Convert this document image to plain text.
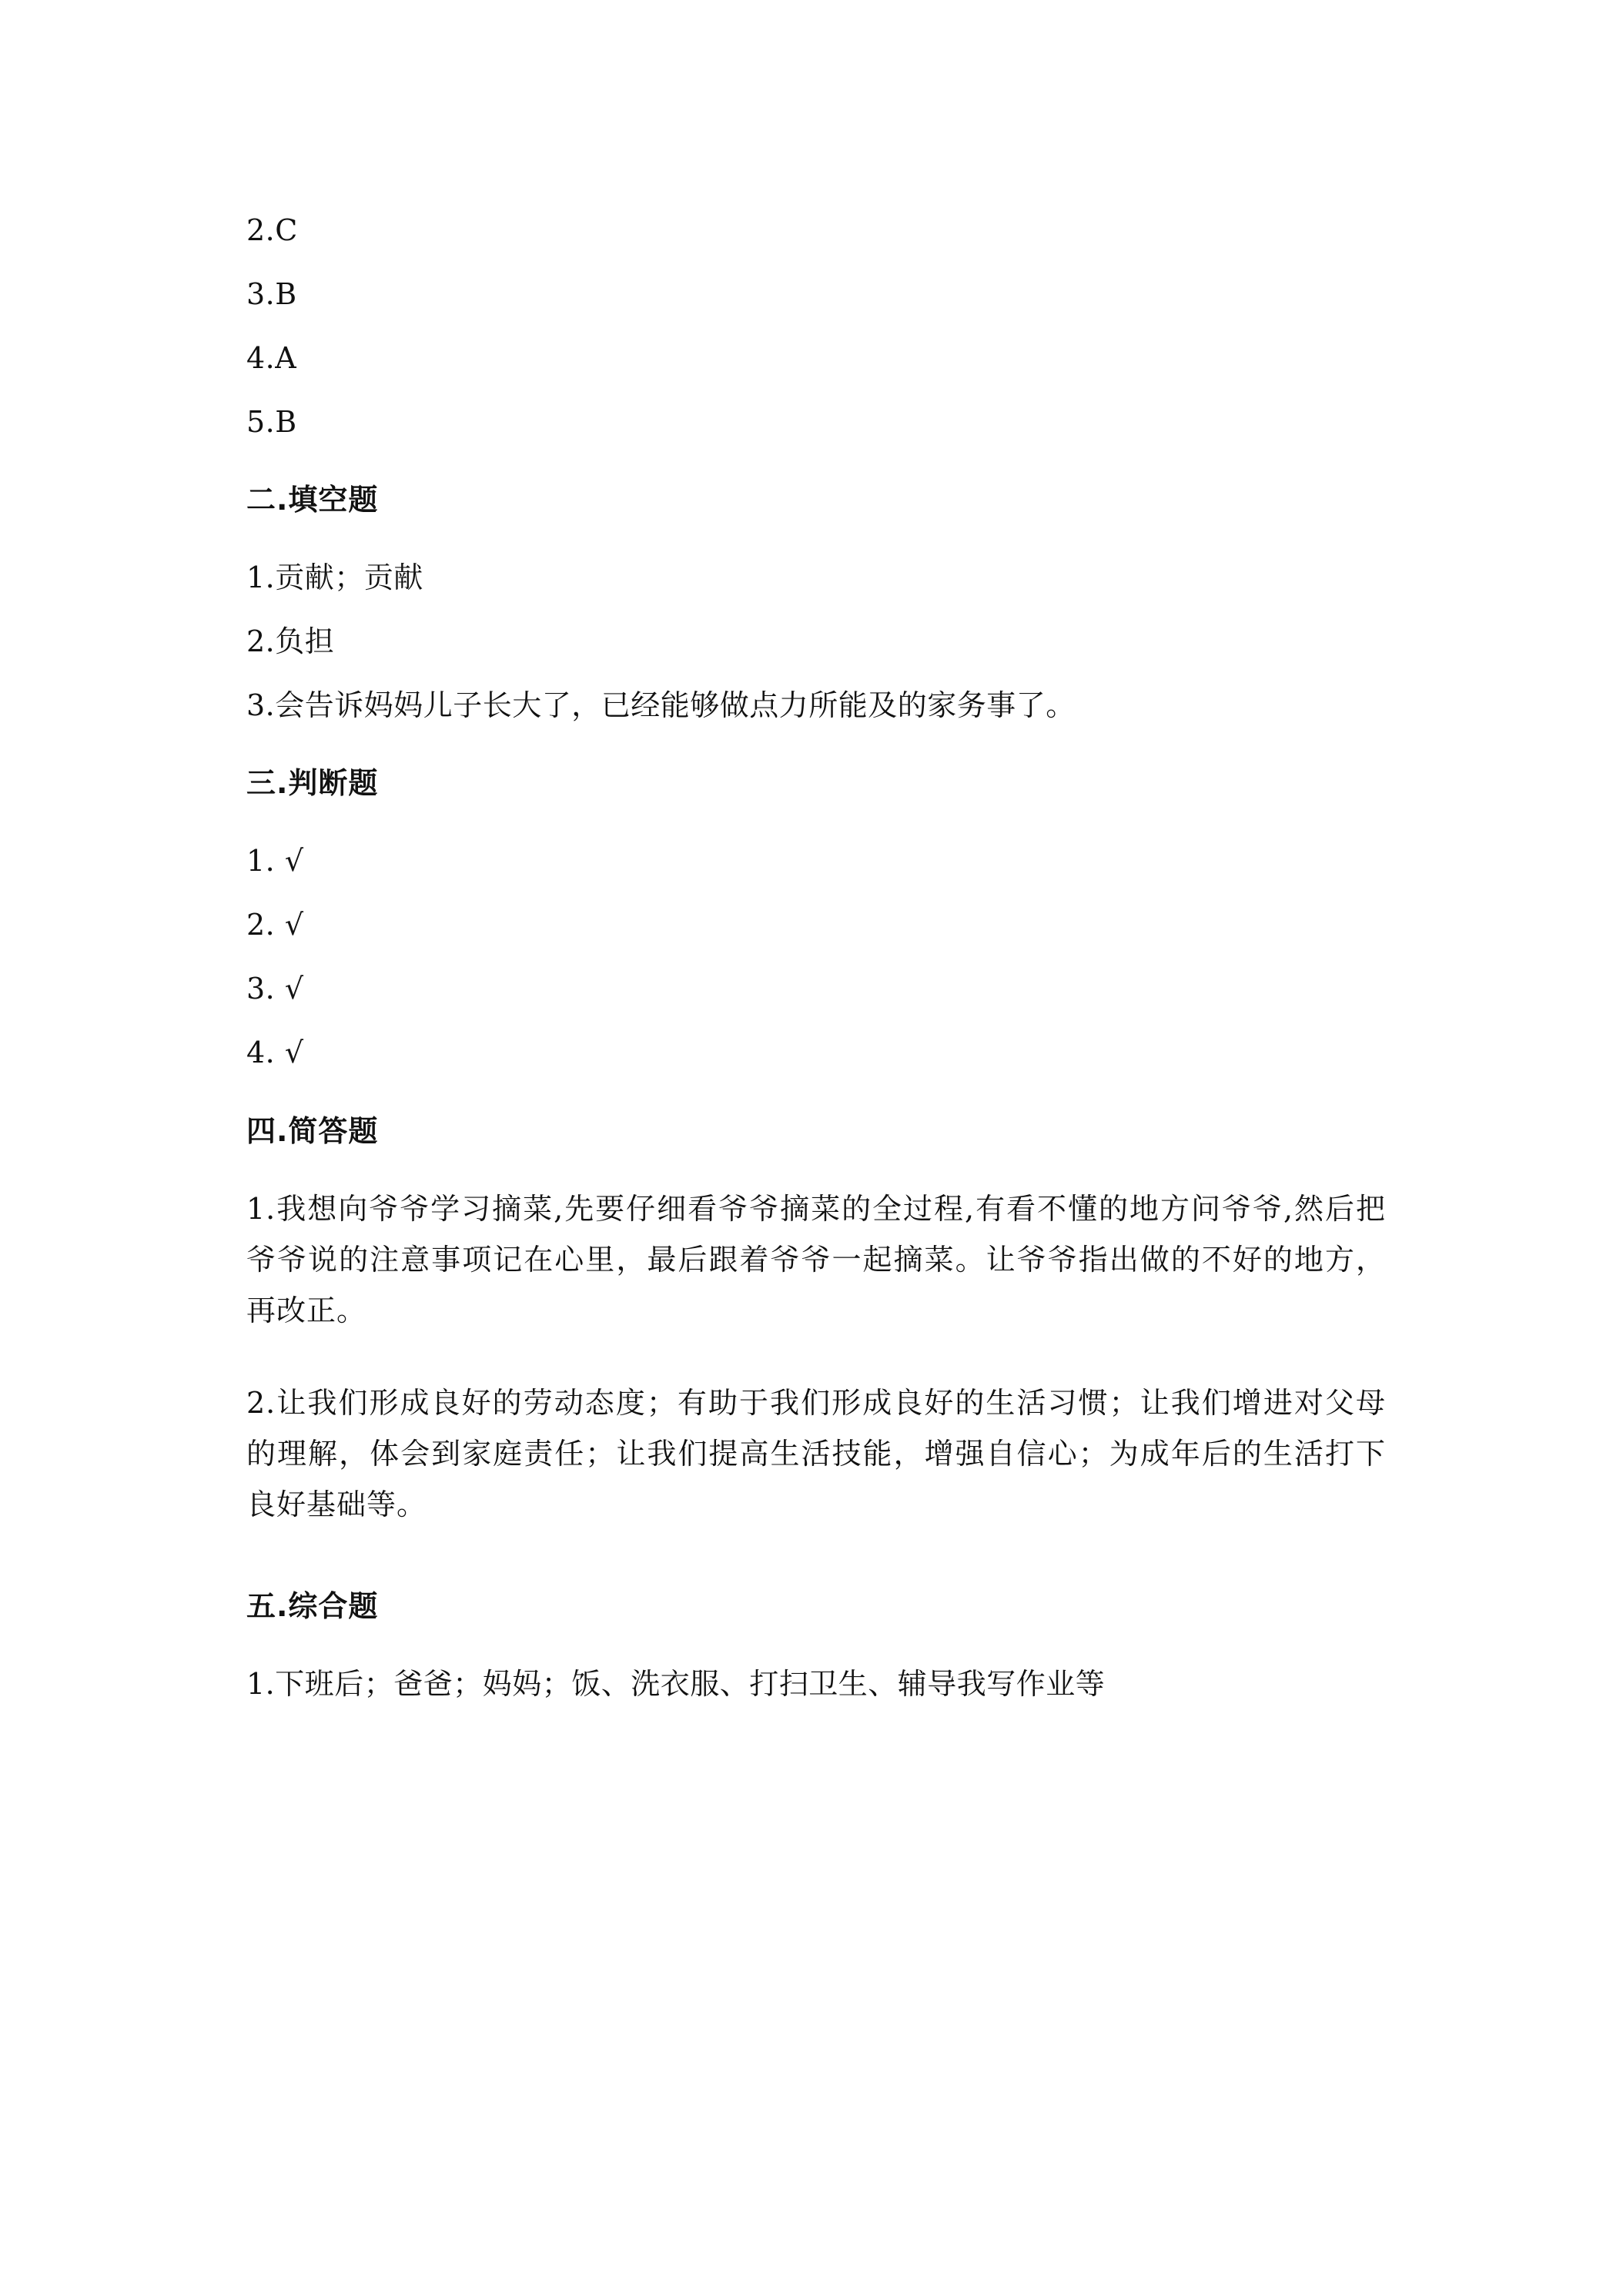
2.C
3.B
4.A
5.B
二.填空题
1.贡献；贡献
2.负担
3.会告诉妈妈儿子长大了，已经能够做点力所能及的家务事了。
三.判断题
1. √
2. √
3. √
4. √
四.简答题
1.我想向爷爷学习摘菜,先要仔细看爷爷摘菜的全过程,有看不懂的地方问爷爷,然后把爷爷说的注意事项记在心里，最后跟着爷爷一起摘菜。让爷爷指出做的不好的地方，再改正。
2.让我们形成良好的劳动态度；有助于我们形成良好的生活习惯；让我们增进对父母的理解，体会到家庭责任；让我们提高生活技能，增强自信心；为成年后的生活打下良好基础等。
五.综合题
1.下班后；爸爸；妈妈；饭、洗衣服、打扫卫生、辅导我写作业等
